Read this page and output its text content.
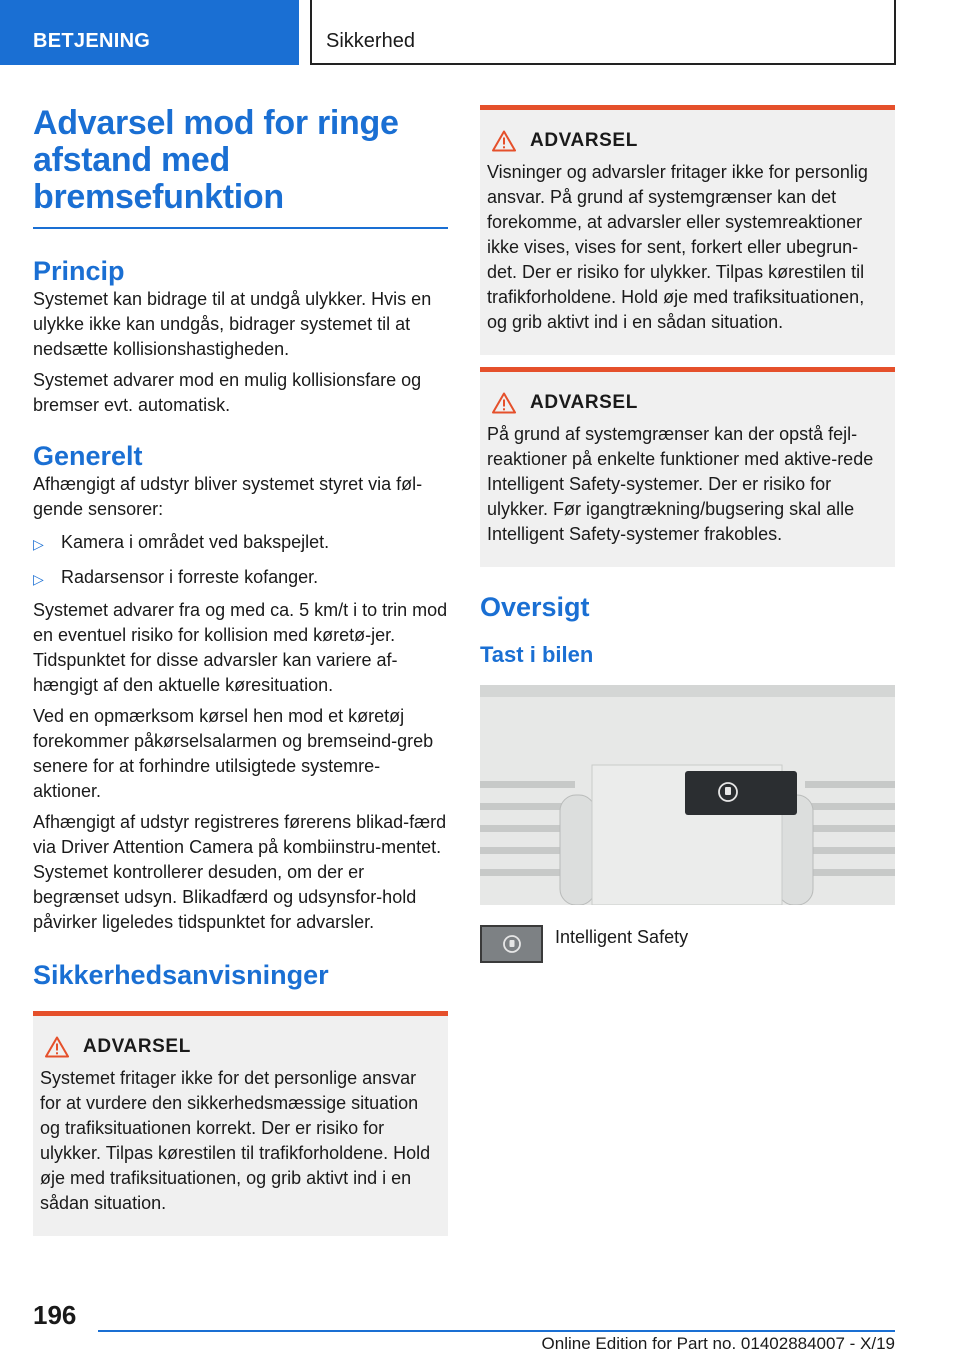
BETJENING	Sikkerhed
Advarsel mod for ringe afstand med bremsefunktion
Princip

Systemet kan bidrage til at undgå ulykker. Hvis en ulykke ikke kan undgås, bidrager systemet til at nedsætte kollisionshastigheden.

Systemet advarer mod en mulig kollisionsfare og bremser evt. automatisk.

Generelt

Afhængigt af udstyr bliver systemet styret via føl-gende sensorer:

▷ Kamera i området ved bakspejlet.
▷ Radarsensor i forreste kofanger.

Systemet advarer fra og med ca. 5 km/t i to trin mod en eventuel risiko for kollision med køretø-jer. Tidspunktet for disse advarsler kan variere af-hængigt af den aktuelle køresituation.

Ved en opmærksom kørsel hen mod et køretøj forekommer påkørselsalarmen og bremseind-greb senere for at forhindre utilsigtede systemre-aktioner.

Afhængigt af udstyr registreres førerens blikad-færd via Driver Attention Camera på kombiinstru-mentet. Systemet kontrollerer desuden, om der er begrænset udsyn. Blikadfærd og udsynsfor-hold påvirker ligeledes tidspunktet for advarsler.

Sikkerhedsanvisninger
ADVARSEL

Systemet fritager ikke for det personlige ansvar for at vurdere den sikkerhedsmæssige situation og trafiksituationen korrekt. Der er risiko for ulykker. Tilpas kørestilen til trafikforholdene. Hold øje med trafiksituationen, og grib aktivt ind i en sådan situation.

ADVARSEL

Visninger og advarsler fritager ikke for personlig ansvar. På grund af systemgrænser kan det forekomme, at advarsler eller systemreaktioner ikke vises, vises for sent, forkert eller ubegrun-det. Der er risiko for ulykker. Tilpas kørestilen til trafikforholdene. Hold øje med trafiksituationen, og grib aktivt ind i en sådan situation.

ADVARSEL

På grund af systemgrænser kan der opstå fejl-reaktioner på enkelte funktioner med aktive-rede Intelligent Safety-systemer. Der er risiko for ulykker. Før igangtrækning/bugsering skal alle Intelligent Safety-systemer frakobles.

Oversigt
Tast i bilen

Intelligent Safety

196
Online Edition for Part no. 01402884007 - X/19
